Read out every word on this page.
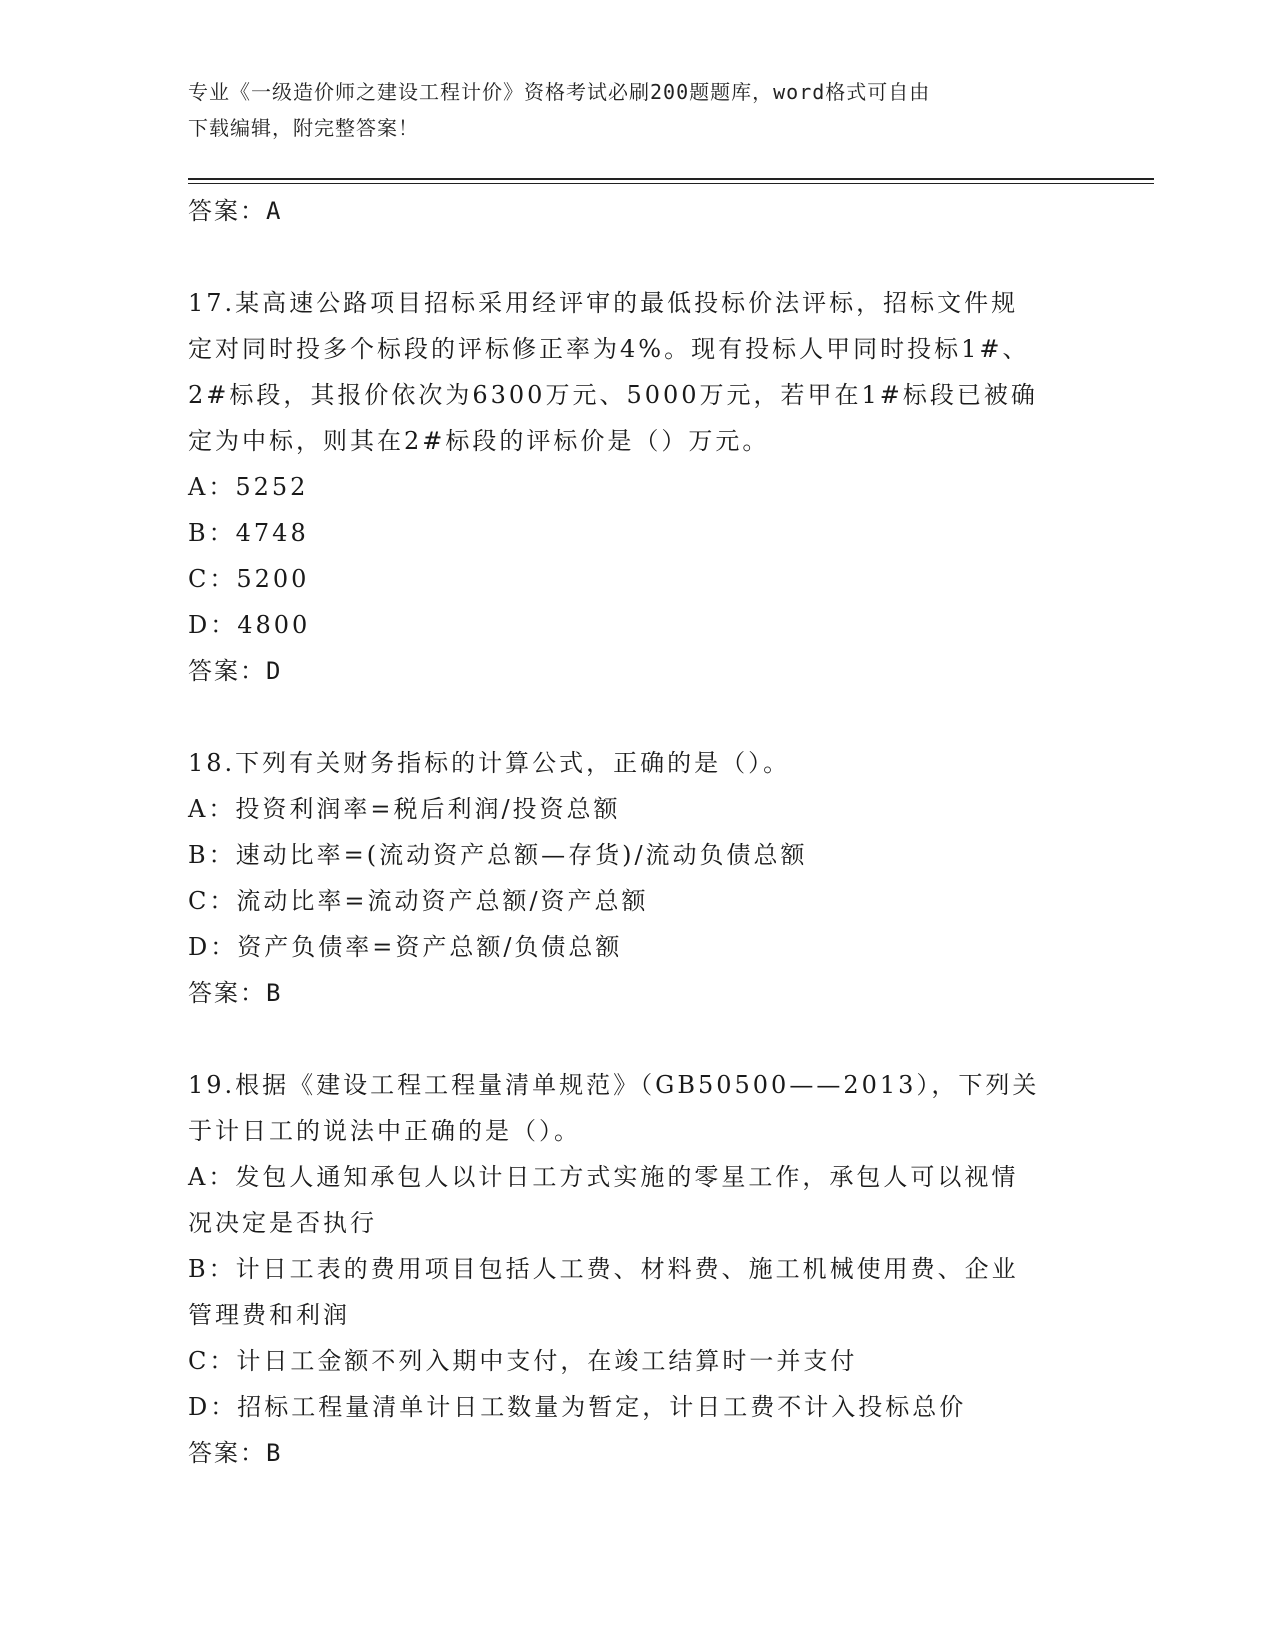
专业《一级造价师之建设工程计价》资格考试必刷200题题库，word格式可自由
下载编辑，附完整答案！
答案：A
17.某高速公路项目招标采用经评审的最低投标价法评标，招标文件规
定对同时投多个标段的评标修正率为4%。现有投标人甲同时投标1#、
2#标段，其报价依次为6300万元、5000万元，若甲在1#标段已被确
定为中标，则其在2#标段的评标价是（）万元。
A：5252
B：4748
C：5200
D：4800
答案：D
18.下列有关财务指标的计算公式，正确的是（）。
A：投资利润率=税后利润/投资总额
B：速动比率=(流动资产总额—存货)/流动负债总额
C：流动比率=流动资产总额/资产总额
D：资产负债率=资产总额/负债总额
答案：B
19.根据《建设工程工程量清单规范》（GB50500——2013），下列关
于计日工的说法中正确的是（）。
A：发包人通知承包人以计日工方式实施的零星工作，承包人可以视情
况决定是否执行
B：计日工表的费用项目包括人工费、材料费、施工机械使用费、企业
管理费和利润
C：计日工金额不列入期中支付，在竣工结算时一并支付
D：招标工程量清单计日工数量为暂定，计日工费不计入投标总价
答案：B
